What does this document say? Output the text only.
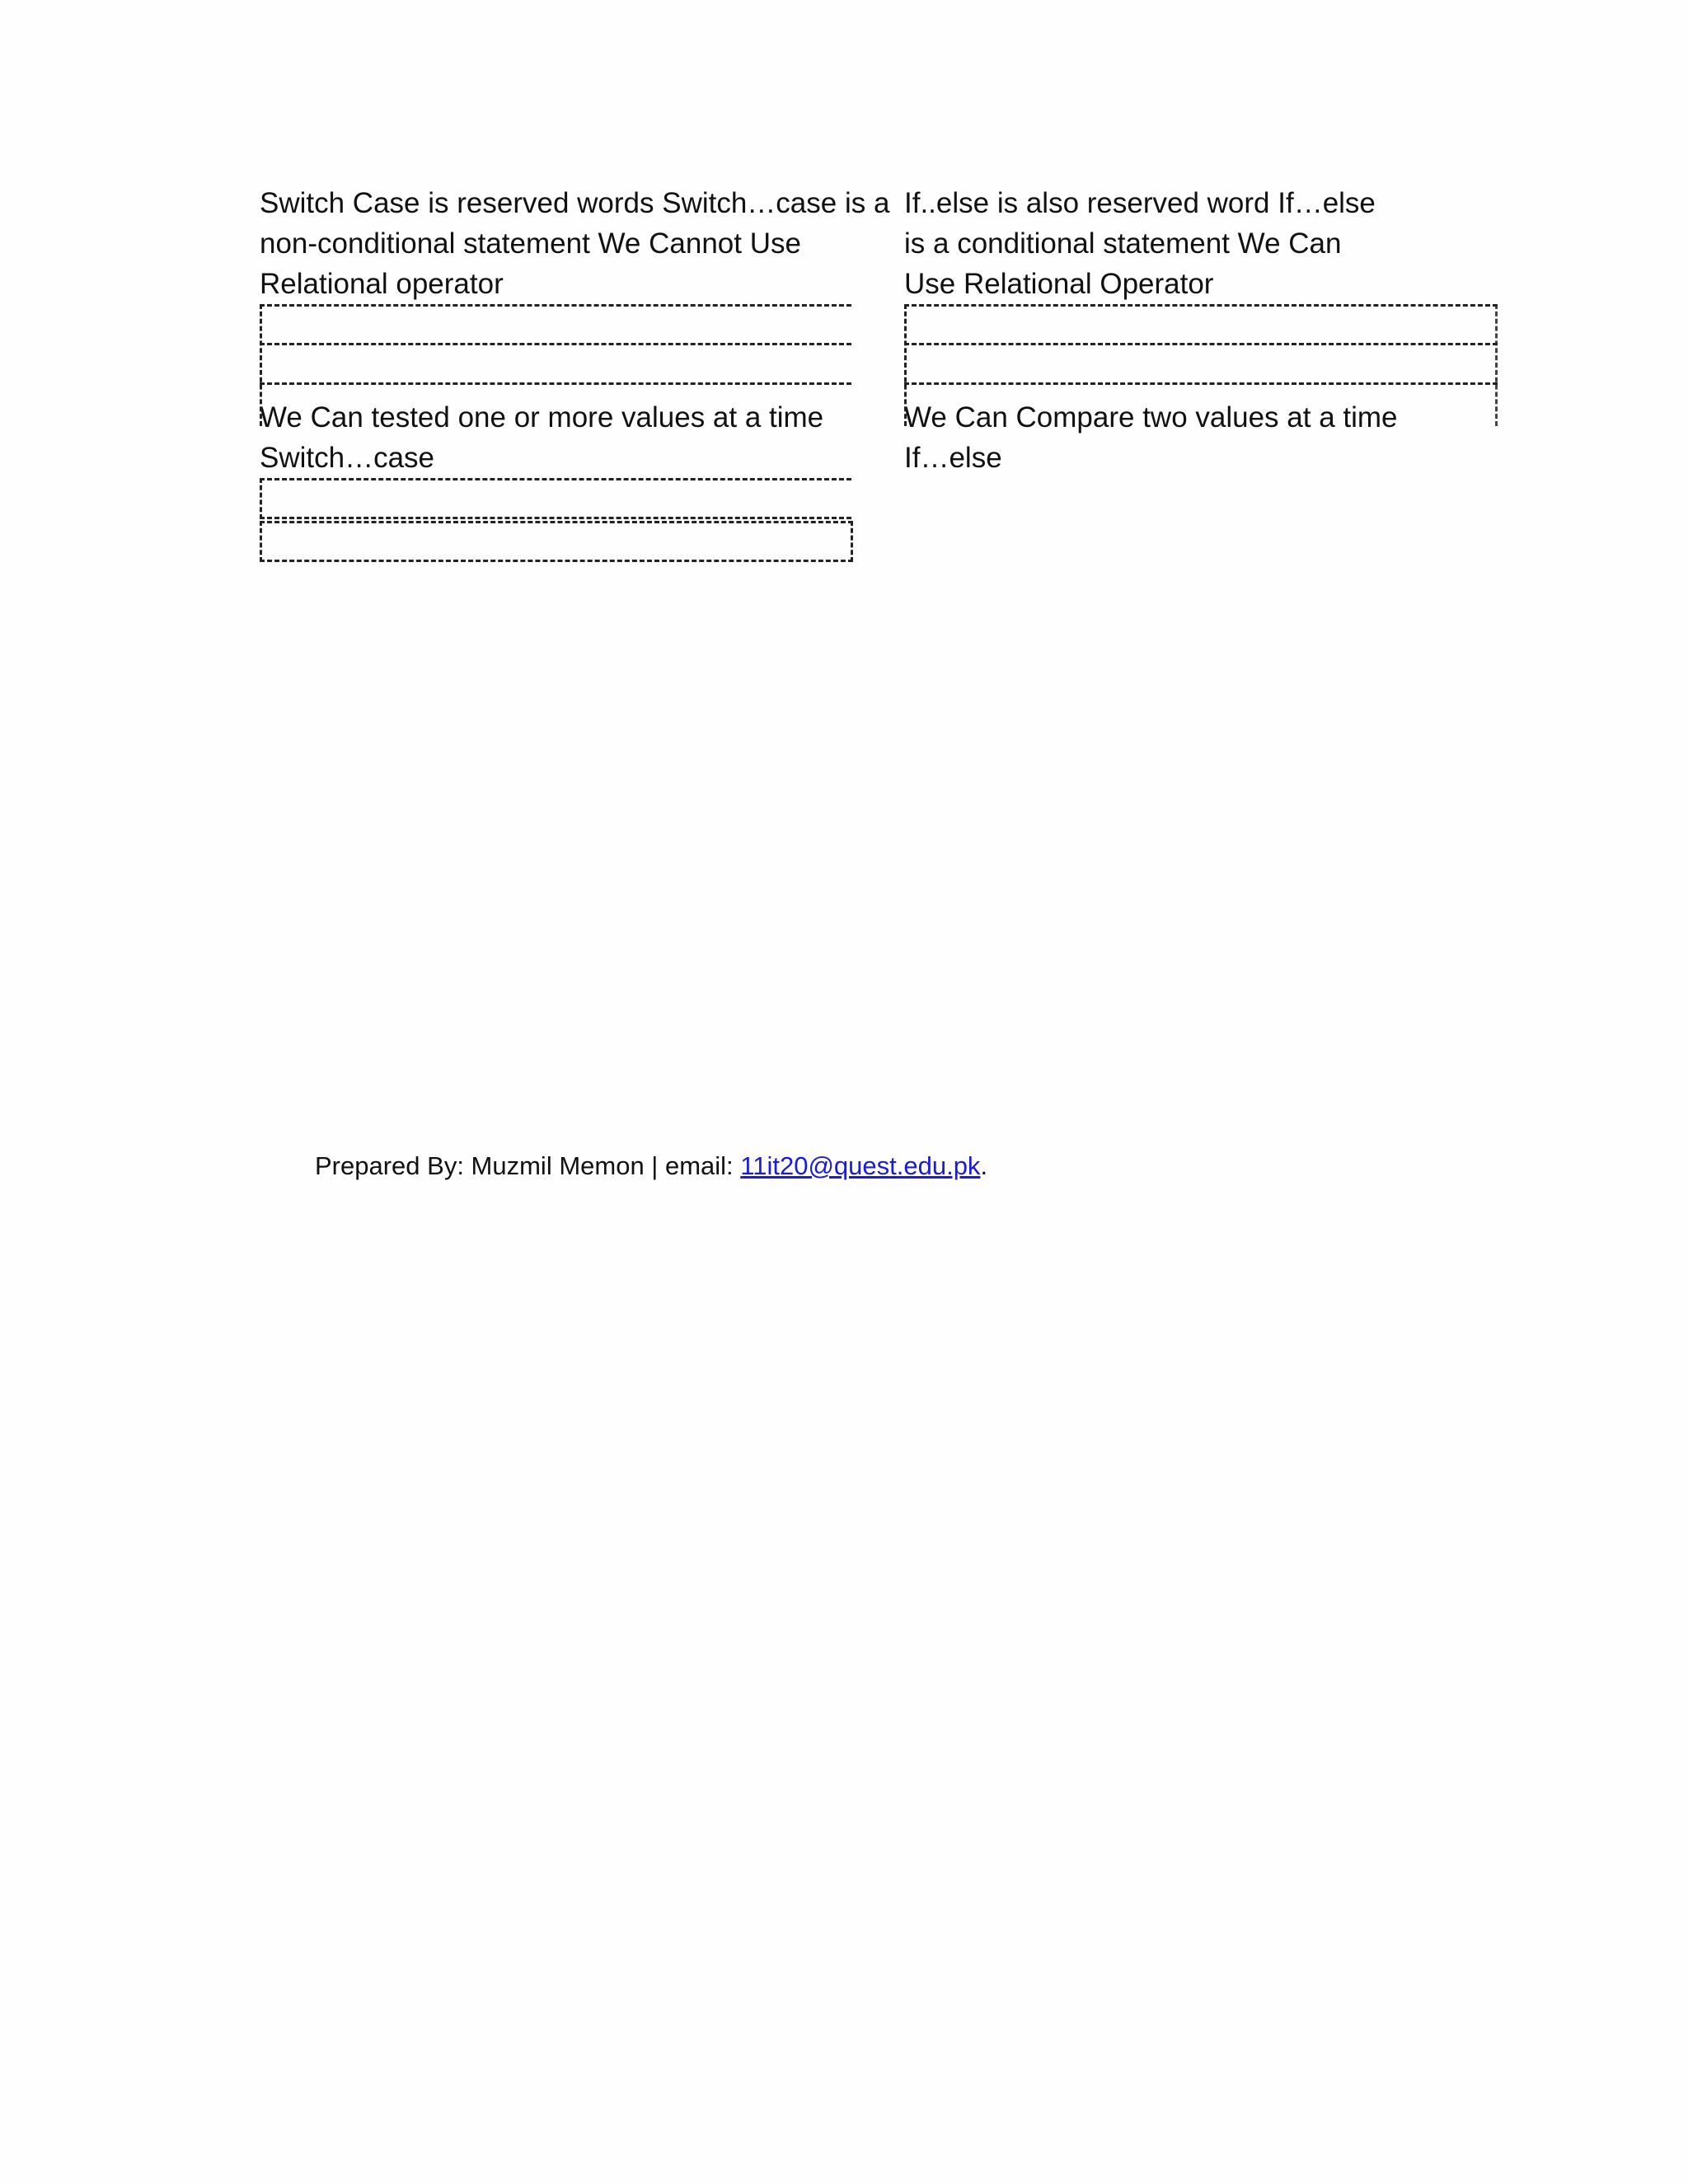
Switch Case is reserved words Switch…case is a
non-conditional statement We Cannot Use
Relational operator

We Can tested one or more values at a time
Switch…case

If..else is also reserved word If…else
is a conditional statement We Can
Use Relational Operator

We Can Compare two values at a time
If…else

Prepared By: Muzmil Memon | email: 11it20@quest.edu.pk.
